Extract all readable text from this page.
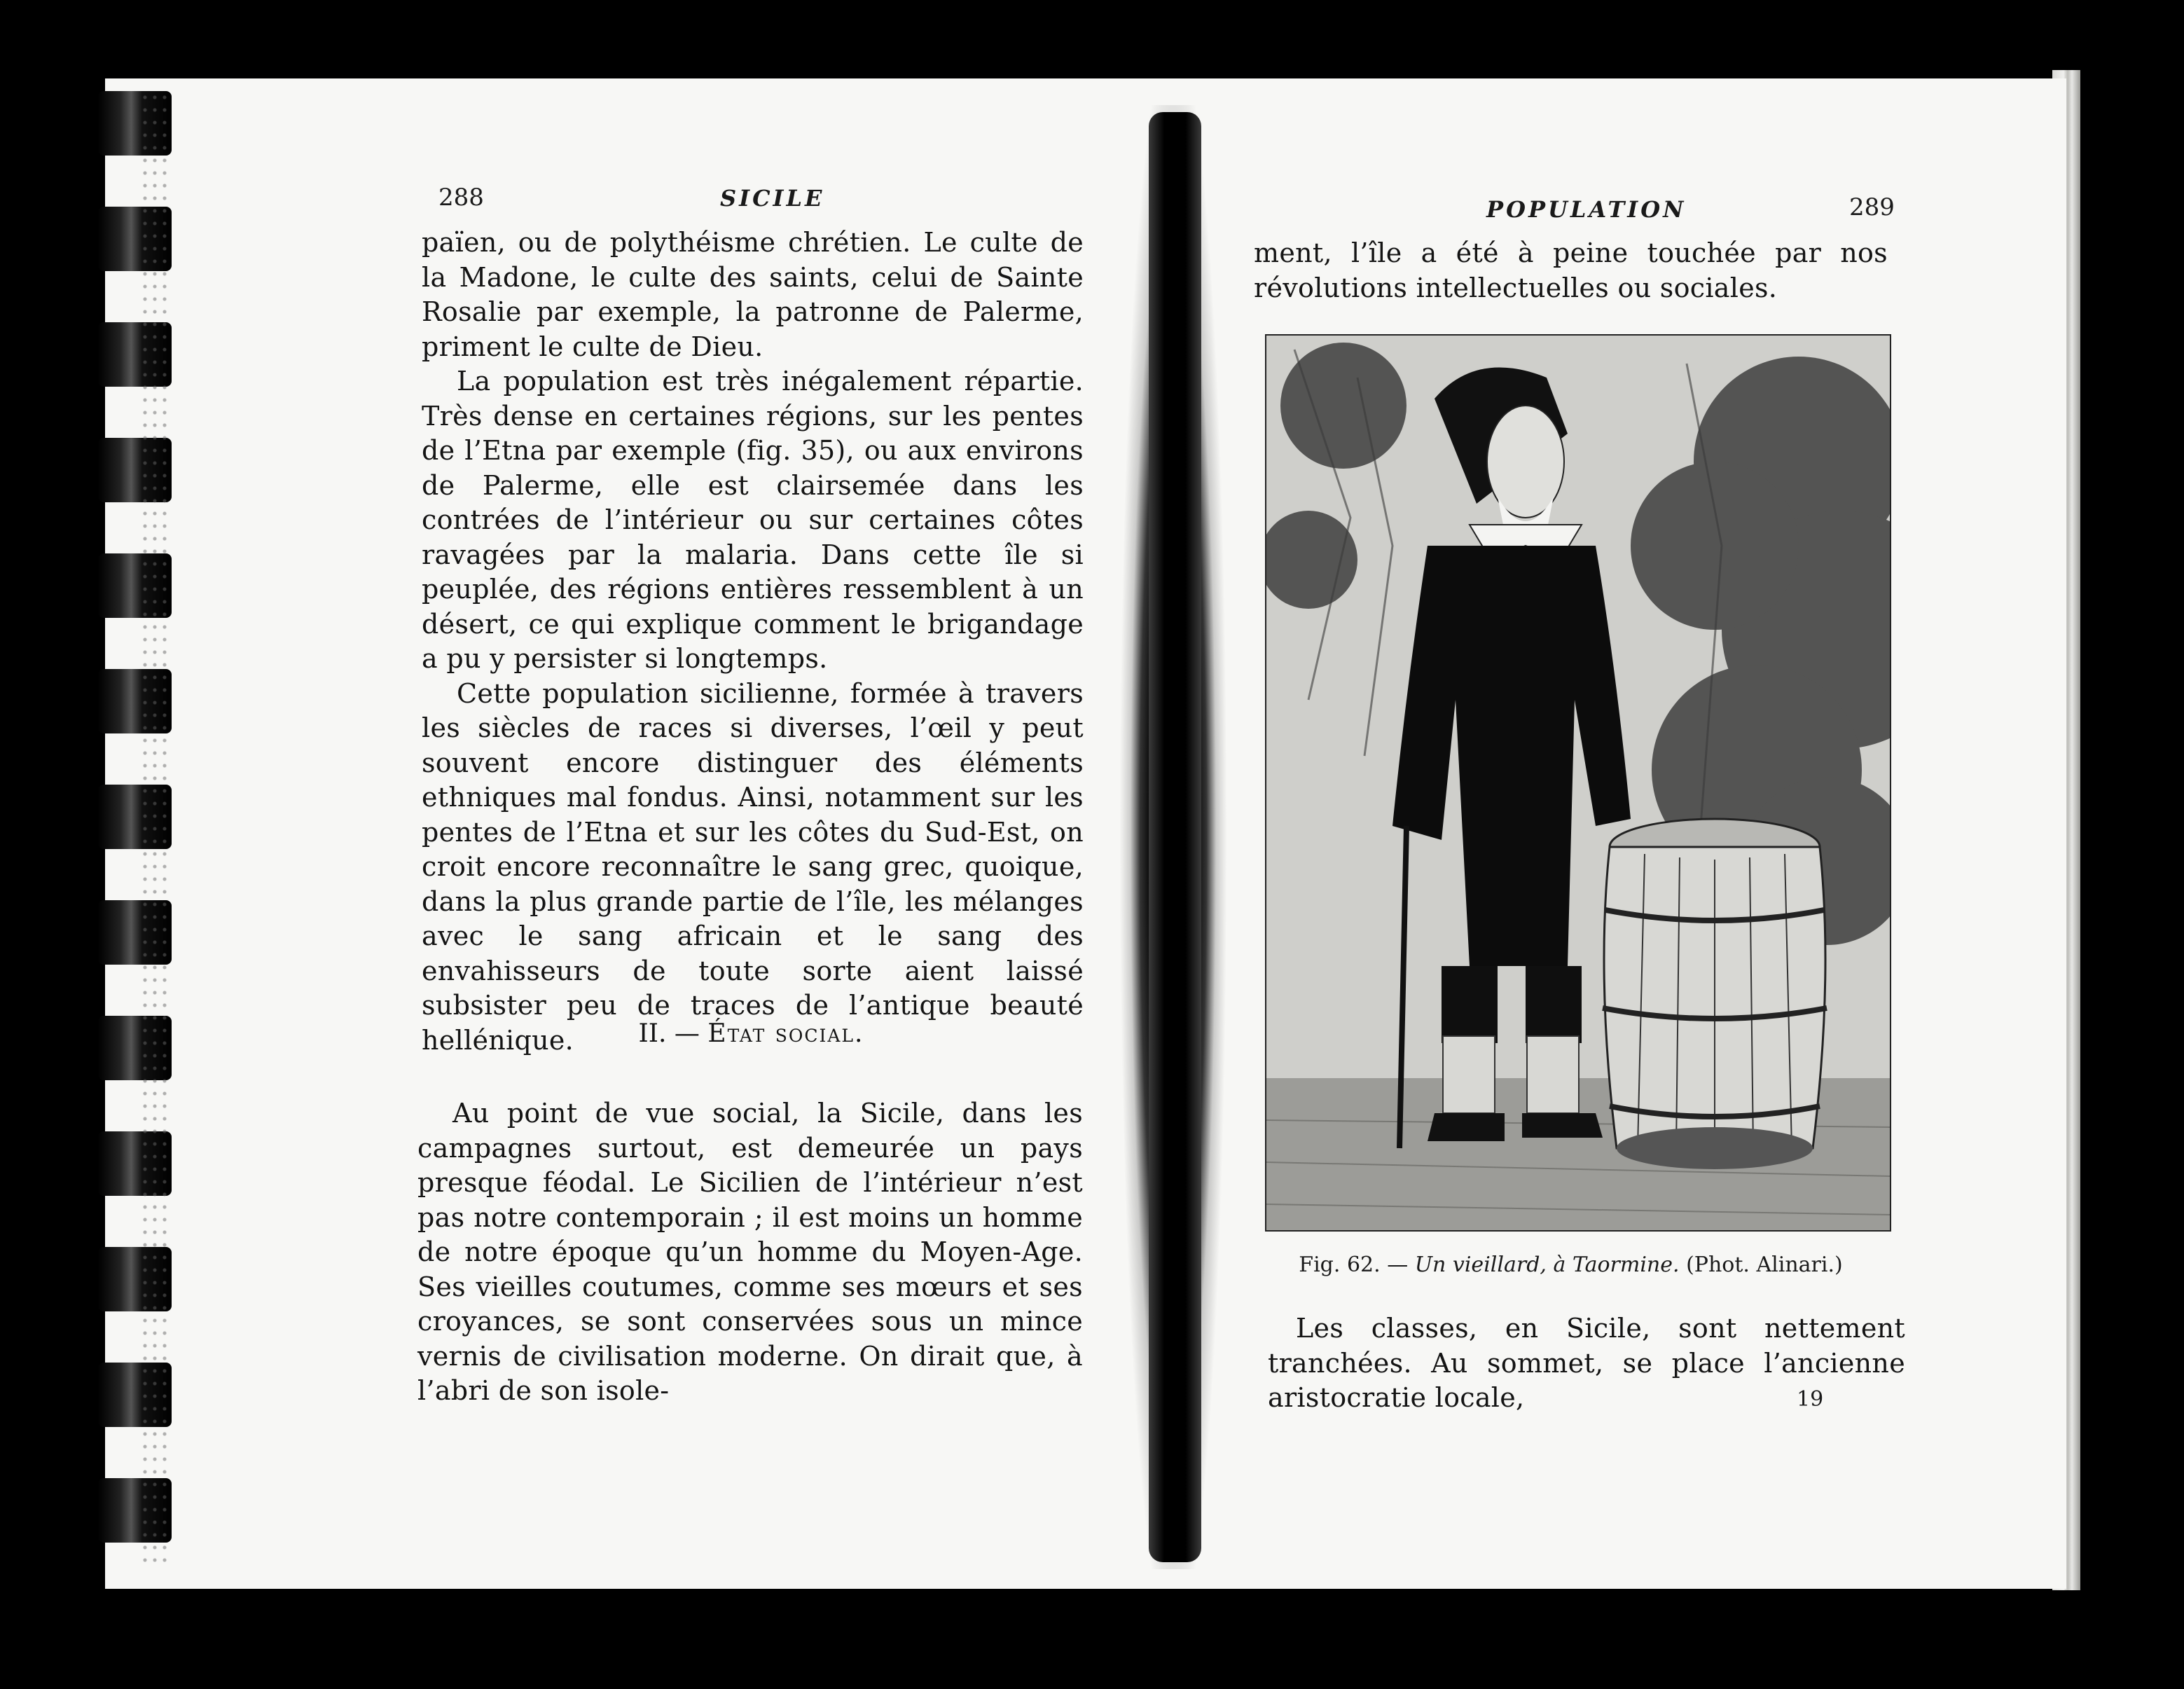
288	SICILE

païen, ou de polythéisme chrétien. Le culte de la Madone, le culte des saints, celui de Sainte Rosalie par exemple, la patronne de Palerme, priment le culte de Dieu.

La population est très inégalement répartie. Très dense en certaines régions, sur les pentes de l’Etna par exemple (fig. 35), ou aux environs de Palerme, elle est clairsemée dans les contrées de l’intérieur ou sur certaines côtes ravagées par la malaria. Dans cette île si peuplée, des régions entières ressemblent à un désert, ce qui explique comment le brigandage a pu y persister si longtemps.

Cette population sicilienne, formée à travers les siècles de races si diverses, l’œil y peut souvent encore distinguer des éléments ethniques mal fondus. Ainsi, notamment sur les pentes de l’Etna et sur les côtes du Sud-Est, on croit encore reconnaître le sang grec, quoique, dans la plus grande partie de l’île, les mélanges avec le sang africain et le sang des envahisseurs de toute sorte aient laissé subsister peu de traces de l’antique beauté hellénique.	II. — État social.

Au point de vue social, la Sicile, dans les campagnes surtout, est demeurée un pays presque féodal. Le Sicilien de l’intérieur n’est pas notre contemporain ; il est moins un homme de notre époque qu’un homme du Moyen-Age. Ses vieilles coutumes, comme ses mœurs et ses croyances, se sont conservées sous un mince vernis de civilisation moderne. On dirait que, à l’abri de son isole-

POPULATION	289

ment, l’île a été à peine touchée par nos révolutions intellectuelles ou sociales.

Fig. 62. — Un vieillard, à Taormine. (Phot. Alinari.)

Les classes, en Sicile, sont nettement tranchées. Au sommet, se place l’ancienne aristocratie locale,	19
